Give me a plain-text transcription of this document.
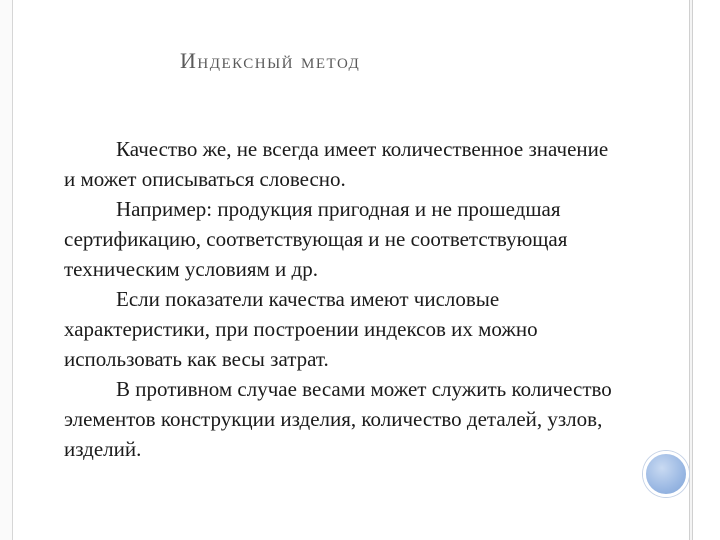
Индексный метод

Качество же, не всегда имеет количественное значение и может описываться словесно.

Например: продукция пригодная и не прошедшая сертификацию, соответствующая и не соответствующая техническим условиям и др.

Если показатели качества имеют числовые характеристики, при построении индексов их можно использовать как весы затрат.

В противном случае весами может служить количество элементов конструкции изделия, количество деталей, узлов, изделий.
